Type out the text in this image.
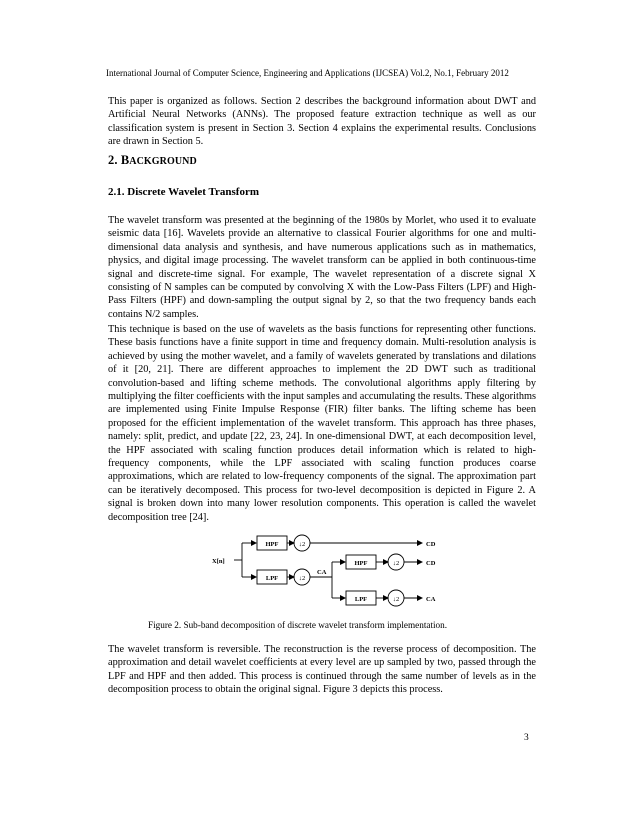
International Journal of Computer Science, Engineering and Applications (IJCSEA) Vol.2, No.1, February 2012

This paper is organized as follows. Section 2 describes the background information about DWT and Artificial Neural Networks (ANNs). The proposed feature extraction technique as well as our classification system is present in Section 3. Section 4 explains the experimental results. Conclusions are drawn in Section 5.

2. BACKGROUND
2.1. Discrete Wavelet Transform

The wavelet transform was presented at the beginning of the 1980s by Morlet, who used it to evaluate seismic data [16]. Wavelets provide an alternative to classical Fourier algorithms for one and multi-dimensional data analysis and synthesis, and have numerous applications such as in mathematics, physics, and digital image processing. The wavelet transform can be applied in both continuous-time signal and discrete-time signal. For example, The wavelet representation of a discrete signal X consisting of N samples can be computed by convolving X with the Low-Pass Filters (LPF) and High-Pass Filters (HPF) and down-sampling the output signal by 2, so that the two frequency bands each contains N/2 samples.

This technique is based on the use of wavelets as the basis functions for representing other functions. These basis functions have a finite support in time and frequency domain. Multi-resolution analysis is achieved by using the mother wavelet, and a family of wavelets generated by translations and dilations of it [20, 21]. There are different approaches to implement the 2D DWT such as traditional convolution-based and lifting scheme methods. The convolutional algorithms apply filtering by multiplying the filter coefficients with the input samples and accumulating the results. These algorithms are implemented using Finite Impulse Response (FIR) filter banks. The lifting scheme has been proposed for the efficient implementation of the wavelet transform. This approach has three phases, namely: split, predict, and update [22, 23, 24]. In one-dimensional DWT, at each decomposition level, the HPF associated with scaling function produces detail information which is related to high-frequency components, while the LPF associated with scaling function produces coarse approximations, which are related to low-frequency components of the signal. The approximation part can be iteratively decomposed. This process for two-level decomposition is depicted in Figure 2. A signal is broken down into many lower resolution components. This operation is called the wavelet decomposition tree [24].

X[n]
HPF
LPF
↓2
↓2
CA
HPF
LPF
↓2
↓2
CD
CD
CA
Figure 2. Sub-band decomposition of discrete wavelet transform implementation.

The wavelet transform is reversible. The reconstruction is the reverse process of decomposition. The approximation and detail wavelet coefficients at every level are up sampled by two, passed through the LPF and HPF and then added. This process is continued through the same number of levels as in the decomposition process to obtain the original signal. Figure 3 depicts this process.

3
